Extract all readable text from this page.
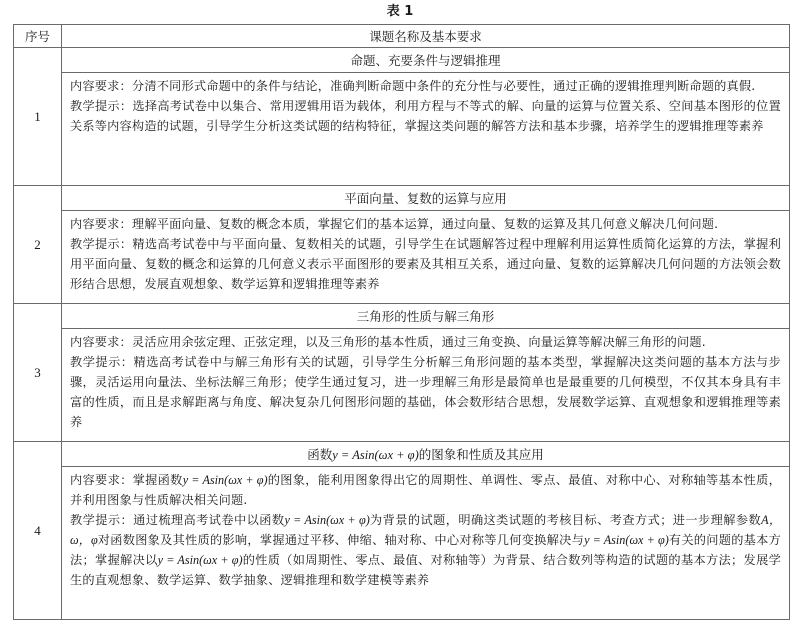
表 1
序号	课题名称及基本要求
1	命题、充要条件与逻辑推理

	内容要求：分清不同形式命题中的条件与结论，准确判断命题中条件的充分性与必要性，通过正确的逻辑推理判断命题的真假.
教学提示：选择高考试卷中以集合、常用逻辑用语为载体，利用方程与不等式的解、向量的运算与位置关系、空间基本图形的位置关系等内容构造的试题，引导学生分析这类试题的结构特征，掌握这类问题的解答方法和基本步骤，培养学生的逻辑推理等素养

2	平面向量、复数的运算与应用

	内容要求：理解平面向量、复数的概念本质，掌握它们的基本运算，通过向量、复数的运算及其几何意义解决几何问题.
教学提示：精选高考试卷中与平面向量、复数相关的试题，引导学生在试题解答过程中理解利用运算性质简化运算的方法，掌握利用平面向量、复数的概念和运算的几何意义表示平面图形的要素及其相互关系，通过向量、复数的运算解决几何问题的方法领会数形结合思想，发展直观想象、数学运算和逻辑推理等素养

3	三角形的性质与解三角形

	内容要求：灵活应用余弦定理、正弦定理，以及三角形的基本性质，通过三角变换、向量运算等解决解三角形的问题.
教学提示：精选高考试卷中与解三角形有关的试题，引导学生分析解三角形问题的基本类型，掌握解决这类问题的基本方法与步骤，灵活运用向量法、坐标法解三角形；使学生通过复习，进一步理解三角形是最简单也是最重要的几何模型，不仅其本身具有丰富的性质，而且是求解距离与角度、解决复杂几何图形问题的基础，体会数形结合思想，发展数学运算、直观想象和逻辑推理等素养

4	函数y = Asin(ωx + φ)的图象和性质及其应用

	内容要求：掌握函数y = Asin(ωx + φ)的图象，能利用图象得出它的周期性、单调性、零点、最值、对称中心、对称轴等基本性质，并利用图象与性质解决相关问题.
教学提示：通过梳理高考试卷中以函数y = Asin(ωx + φ)为背景的试题，明确这类试题的考核目标、考查方式；进一步理解参数A，ω，φ对函数图象及其性质的影响，掌握通过平移、伸缩、轴对称、中心对称等几何变换解决与y = Asin(ωx + φ)有关的问题的基本方法；掌握解决以y = Asin(ωx + φ)的性质（如周期性、零点、最值、对称轴等）为背景、结合数列等构造的试题的基本方法；发展学生的直观想象、数学运算、数学抽象、逻辑推理和数学建模等素养
